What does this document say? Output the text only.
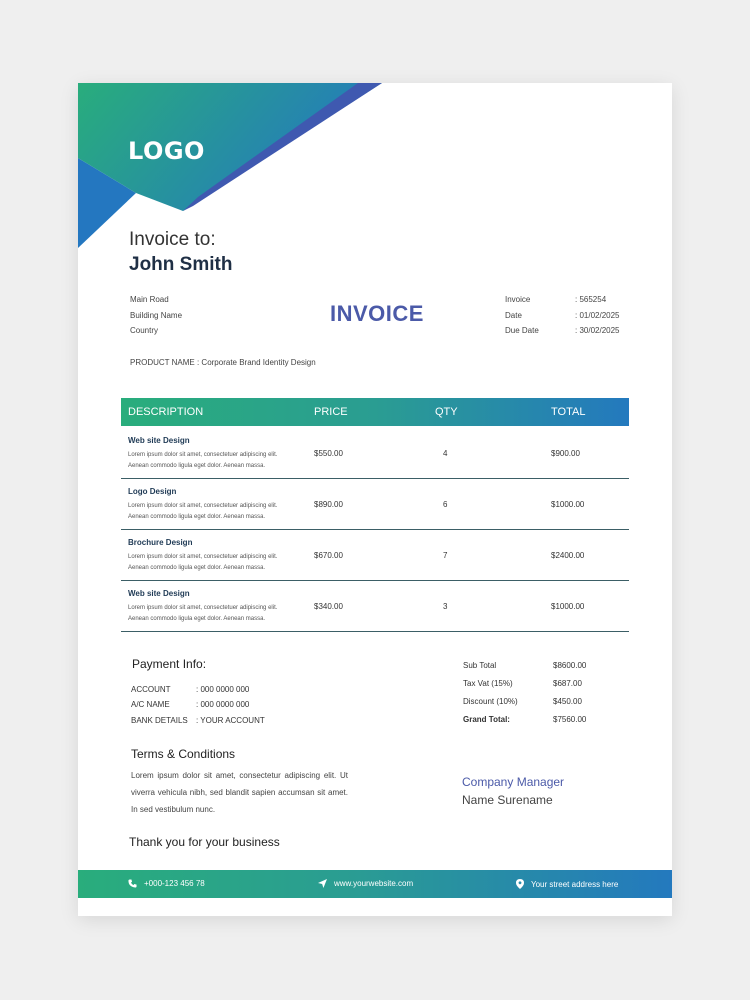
LOGO
Invoice to:
John Smith
Main Road
Building Name
Country
INVOICE
Invoice	: 565254
Date	: 01/02/2025
Due Date	: 30/02/2025
PRODUCT NAME : Corporate Brand Identity Design
DESCRIPTION	PRICE	QTY	TOTAL
Web site Design
Lorem ipsum dolor sit amet, consectetuer adipiscing elit.
Aenean commodo ligula eget dolor. Aenean massa.
$550.00	4	$900.00
Logo Design
Lorem ipsum dolor sit amet, consectetuer adipiscing elit.
Aenean commodo ligula eget dolor. Aenean massa.
$890.00	6	$1000.00
Brochure Design
Lorem ipsum dolor sit amet, consectetuer adipiscing elit.
Aenean commodo ligula eget dolor. Aenean massa.
$670.00	7	$2400.00
Web site Design
Lorem ipsum dolor sit amet, consectetuer adipiscing elit.
Aenean commodo ligula eget dolor. Aenean massa.
$340.00	3	$1000.00
Payment Info:
ACCOUNT	: 000 0000 000
A/C NAME	: 000 0000 000
BANK DETAILS : YOUR ACCOUNT
Sub Total	$8600.00
Tax Vat (15%)	$687.00
Discount (10%)	$450.00
Grand Total:	$7560.00
Terms & Conditions
Lorem ipsum dolor sit amet, consectetur adipiscing elit. Ut viverra vehicula nibh, sed blandit sapien accumsan sit amet. In sed vestibulum nunc.
Company Manager
Name Surename
Thank you for your business
+000-123 456 78	www.yourwebsite.com	Your street address here
